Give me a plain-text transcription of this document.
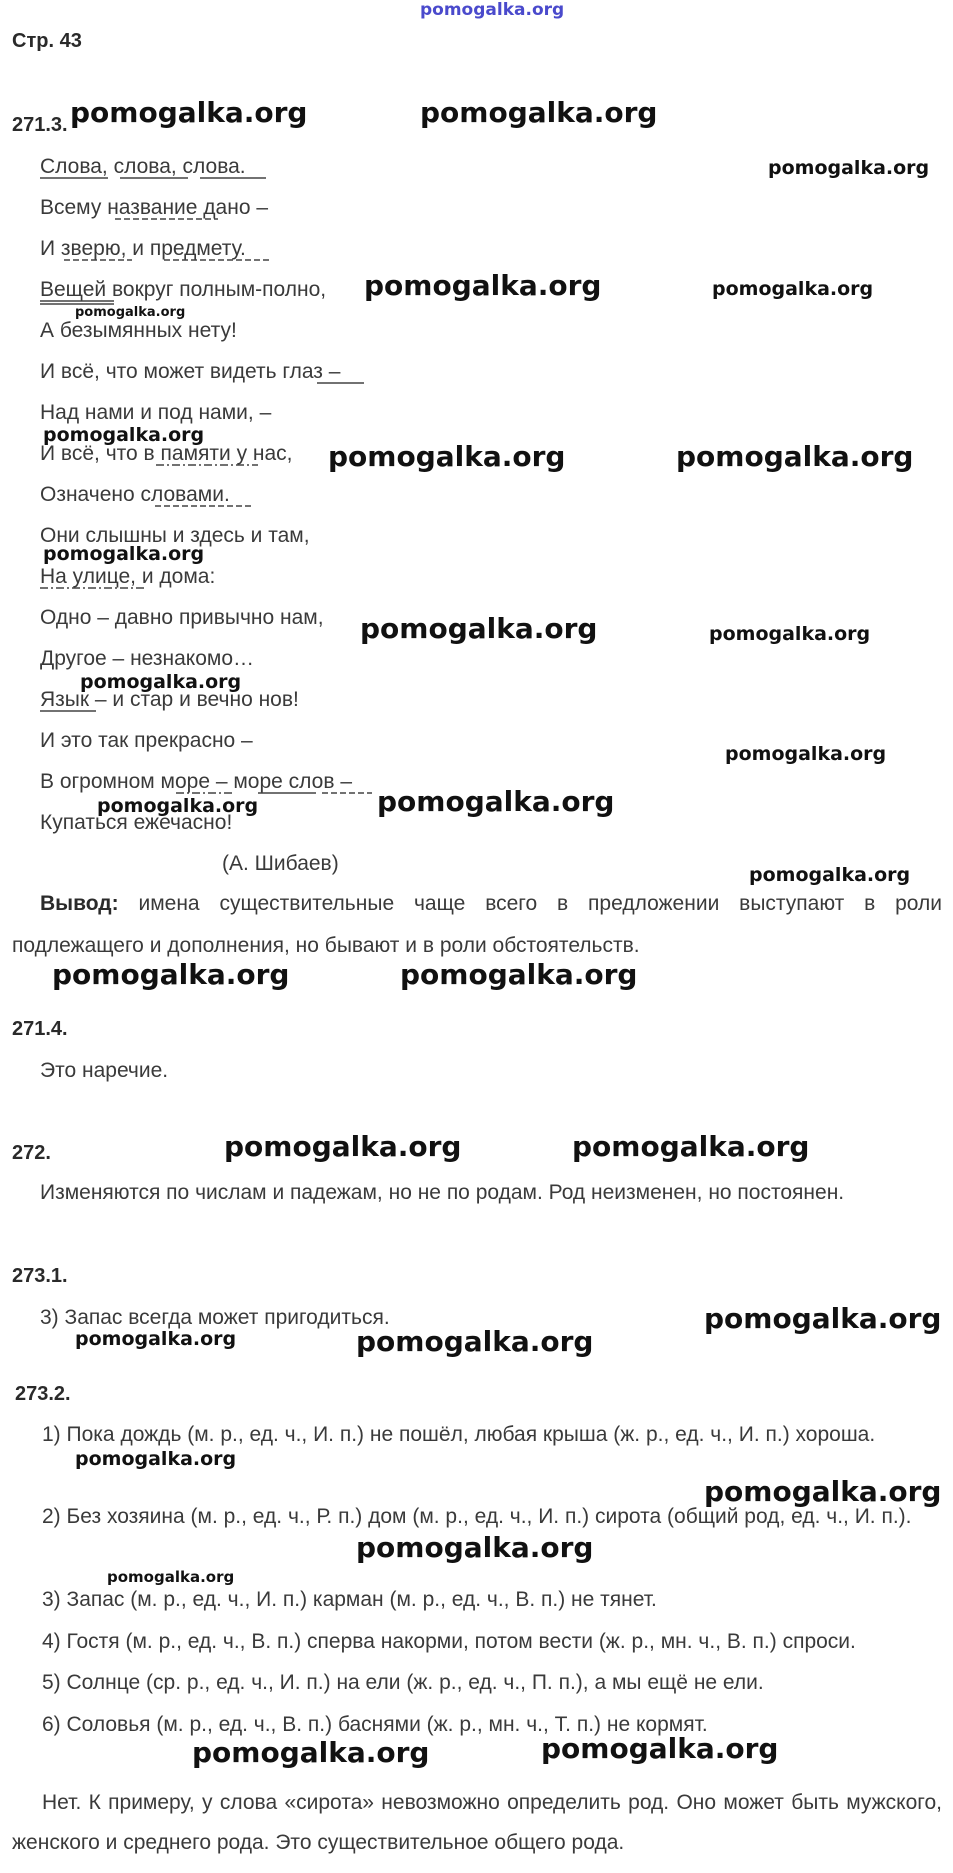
pomogalka.org
Стр. 43
271.3.
Слова, слова, слова.
Всему название дано –
И зверю, и предмету.
Вещей вокруг полным-полно,
А безымянных нету!
И всё, что может видеть глаз –
Над нами и под нами, –
И всё, что в памяти у нас,
Означено словами.
Они слышны и здесь и там,
На улице, и дома:
Одно – давно привычно нам,
Другое – незнакомо…
Язык – и стар и вечно нов!
И это так прекрасно –
В огромном море – море слов –
Купаться ежечасно!
(А. Шибаев)
Вывод: имена существительные чаще всего в предложении выступают в роли подлежащего и дополнения, но бывают и в роли обстоятельств.
271.4.
Это наречие.
272.
Изменяются по числам и падежам, но не по родам. Род неизменен, но постоянен.
273.1.
3) Запас всегда может пригодиться.
273.2.
1) Пока дождь (м. р., ед. ч., И. п.) не пошёл, любая крыша (ж. р., ед. ч., И. п.) хороша.
2) Без хозяина (м. р., ед. ч., Р. п.) дом (м. р., ед. ч., И. п.) сирота (общий род, ед. ч., И. п.).
3) Запас (м. р., ед. ч., И. п.) карман (м. р., ед. ч., В. п.) не тянет.
4) Гостя (м. р., ед. ч., В. п.) сперва накорми, потом вести (ж. р., мн. ч., В. п.) спроси.
5) Солнце (ср. р., ед. ч., И. п.) на ели (ж. р., ед. ч., П. п.), а мы ещё не ели.
6) Соловья (м. р., ед. ч., В. п.) баснями (ж. р., мн. ч., Т. п.) не кормят.
Нет. К примеру, у слова «сирота» невозможно определить род. Оно может быть мужского, женского и среднего рода. Это существительное общего рода.
pomogalka.org	pomogalka.org
pomogalka.org
pomogalka.org	pomogalka.org
pomogalka.org
pomogalka.org
pomogalka.org	pomogalka.org
pomogalka.org
pomogalka.org	pomogalka.org
pomogalka.org
pomogalka.org
pomogalka.org
pomogalka.org
pomogalka.org
pomogalka.org	pomogalka.org
pomogalka.org	pomogalka.org
pomogalka.org
pomogalka.org	pomogalka.org
pomogalka.org
pomogalka.org
pomogalka.org
pomogalka.org
pomogalka.org
pomogalka.org
